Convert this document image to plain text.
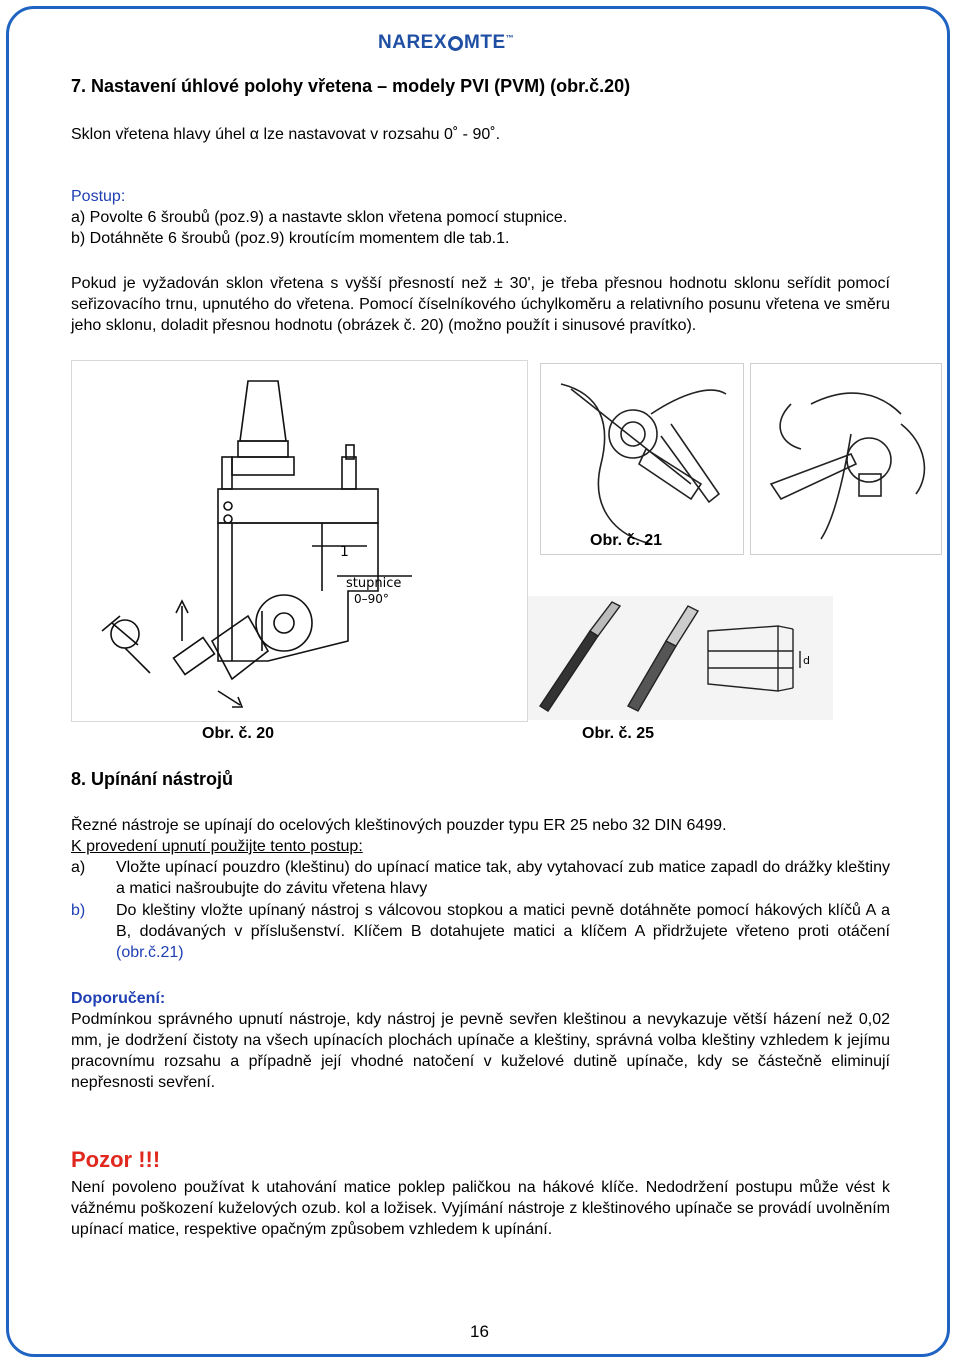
NAREX MTE™
7. Nastavení úhlové polohy vřetena – modely PVI (PVM) (obr.č.20)
Sklon vřetena hlavy úhel α lze nastavovat v rozsahu 0˚ - 90˚.
Postup:
a) Povolte 6 šroubů (poz.9) a nastavte sklon vřetena pomocí stupnice.
b) Dotáhněte 6 šroubů (poz.9) kroutícím momentem dle tab.1.
Pokud je vyžadován sklon vřetena s vyšší přesností než ± 30', je třeba přesnou hodnotu sklonu seřídit pomocí seřizovacího trnu, upnutého do vřetena. Pomocí číselníkového úchylkoměru a relativního posunu vřetena ve směru jeho sklonu, doladit přesnou hodnotu (obrázek č. 20) (možno použít i sinusové pravítko).
1
stupnice
0–90°
Obr. č. 21
d
Obr. č. 20	Obr. č. 25
8. Upínání nástrojů
Řezné nástroje se upínají do ocelových kleštinových pouzder typu ER 25 nebo 32 DIN 6499.
K provedení upnutí použijte tento postup:
a) Vložte upínací pouzdro (kleštinu) do upínací matice tak, aby vytahovací zub matice zapadl do drážky kleštiny a matici našroubujte do závitu vřetena hlavy
b) Do kleštiny vložte upínaný nástroj s válcovou stopkou a matici pevně dotáhněte pomocí hákových klíčů A a B, dodávaných v příslušenství. Klíčem B dotahujete matici a klíčem A přidržujete vřeteno proti otáčení (obr.č.21)
Doporučení:
Podmínkou správného upnutí nástroje, kdy nástroj je pevně sevřen kleštinou a nevykazuje větší házení než 0,02 mm, je dodržení čistoty na všech upínacích plochách upínače a kleštiny, správná volba kleštiny vzhledem k jejímu pracovnímu rozsahu a případně její vhodné natočení v kuželové dutině upínače, kdy se částečně eliminují nepřesnosti sevření.
Pozor !!!
Není povoleno používat k utahování matice poklep paličkou na hákové klíče. Nedodržení postupu může vést k vážnému poškození kuželových ozub. kol a ložisek. Vyjímání nástroje z kleštinového upínače se provádí uvolněním upínací matice, respektive opačným způsobem vzhledem k upínání.
16
